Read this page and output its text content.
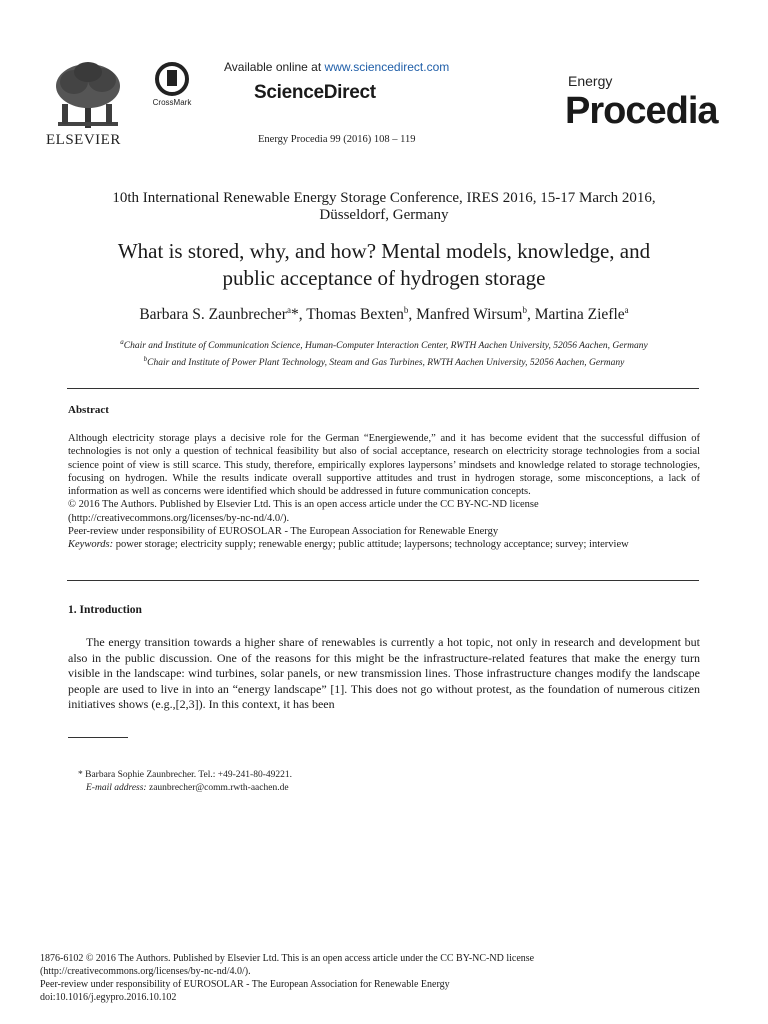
ELSEVIER
CrossMark
Available online at www.sciencedirect.com
ScienceDirect
Energy Procedia 99 (2016) 108 – 119
Energy
Procedia
10th International Renewable Energy Storage Conference, IRES 2016, 15-17 March 2016,
Düsseldorf, Germany
What is stored, why, and how? Mental models, knowledge, and
public acceptance of hydrogen storage
Barbara S. Zaunbrecher$^a$*, Thomas Bexten$^b$, Manfred Wirsum$^b$, Martina Ziefle$^a$
$^a$Chair and Institute of Communication Science, Human-Computer Interaction Center, RWTH Aachen University, 52056 Aachen, Germany
$^b$Chair and Institute of Power Plant Technology, Steam and Gas Turbines, RWTH Aachen University, 52056 Aachen, Germany
Abstract
Although electricity storage plays a decisive role for the German “Energiewende,” and it has become evident that the successful diffusion of technologies is not only a question of technical feasibility but also of social acceptance, research on electricity storage technologies from a social science point of view is still scarce. This study, therefore, empirically explores laypersons’ mindsets and knowledge related to storage technologies, focusing on hydrogen. While the results indicate overall supportive attitudes and trust in hydrogen storage, some misconceptions, a lack of information as well as concerns were identified which should be addressed in future communication concepts.
© 2016 The Authors. Published by Elsevier Ltd. This is an open access article under the CC BY-NC-ND license
(http://creativecommons.org/licenses/by-nc-nd/4.0/).
Peer-review under responsibility of EUROSOLAR - The European Association for Renewable Energy
Keywords: power storage; electricity supply; renewable energy; public attitude; laypersons; technology acceptance; survey; interview
1. Introduction
The energy transition towards a higher share of renewables is currently a hot topic, not only in research and development but also in the public discussion. One of the reasons for this might be the infrastructure-related features that make the energy turn visible in the landscape: wind turbines, solar panels, or new transmission lines. Those infrastructure changes modify the landscape people are used to live in into an “energy landscape” [1]. This does not go without protest, as the foundation of numerous citizen initiatives shows (e.g.,[2,3]). In this context, it has been
* Barbara Sophie Zaunbrecher. Tel.: +49-241-80-49221.
E-mail address: zaunbrecher@comm.rwth-aachen.de
1876-6102 © 2016 The Authors. Published by Elsevier Ltd. This is an open access article under the CC BY-NC-ND license
(http://creativecommons.org/licenses/by-nc-nd/4.0/).
Peer-review under responsibility of EUROSOLAR - The European Association for Renewable Energy
doi:10.1016/j.egypro.2016.10.102
